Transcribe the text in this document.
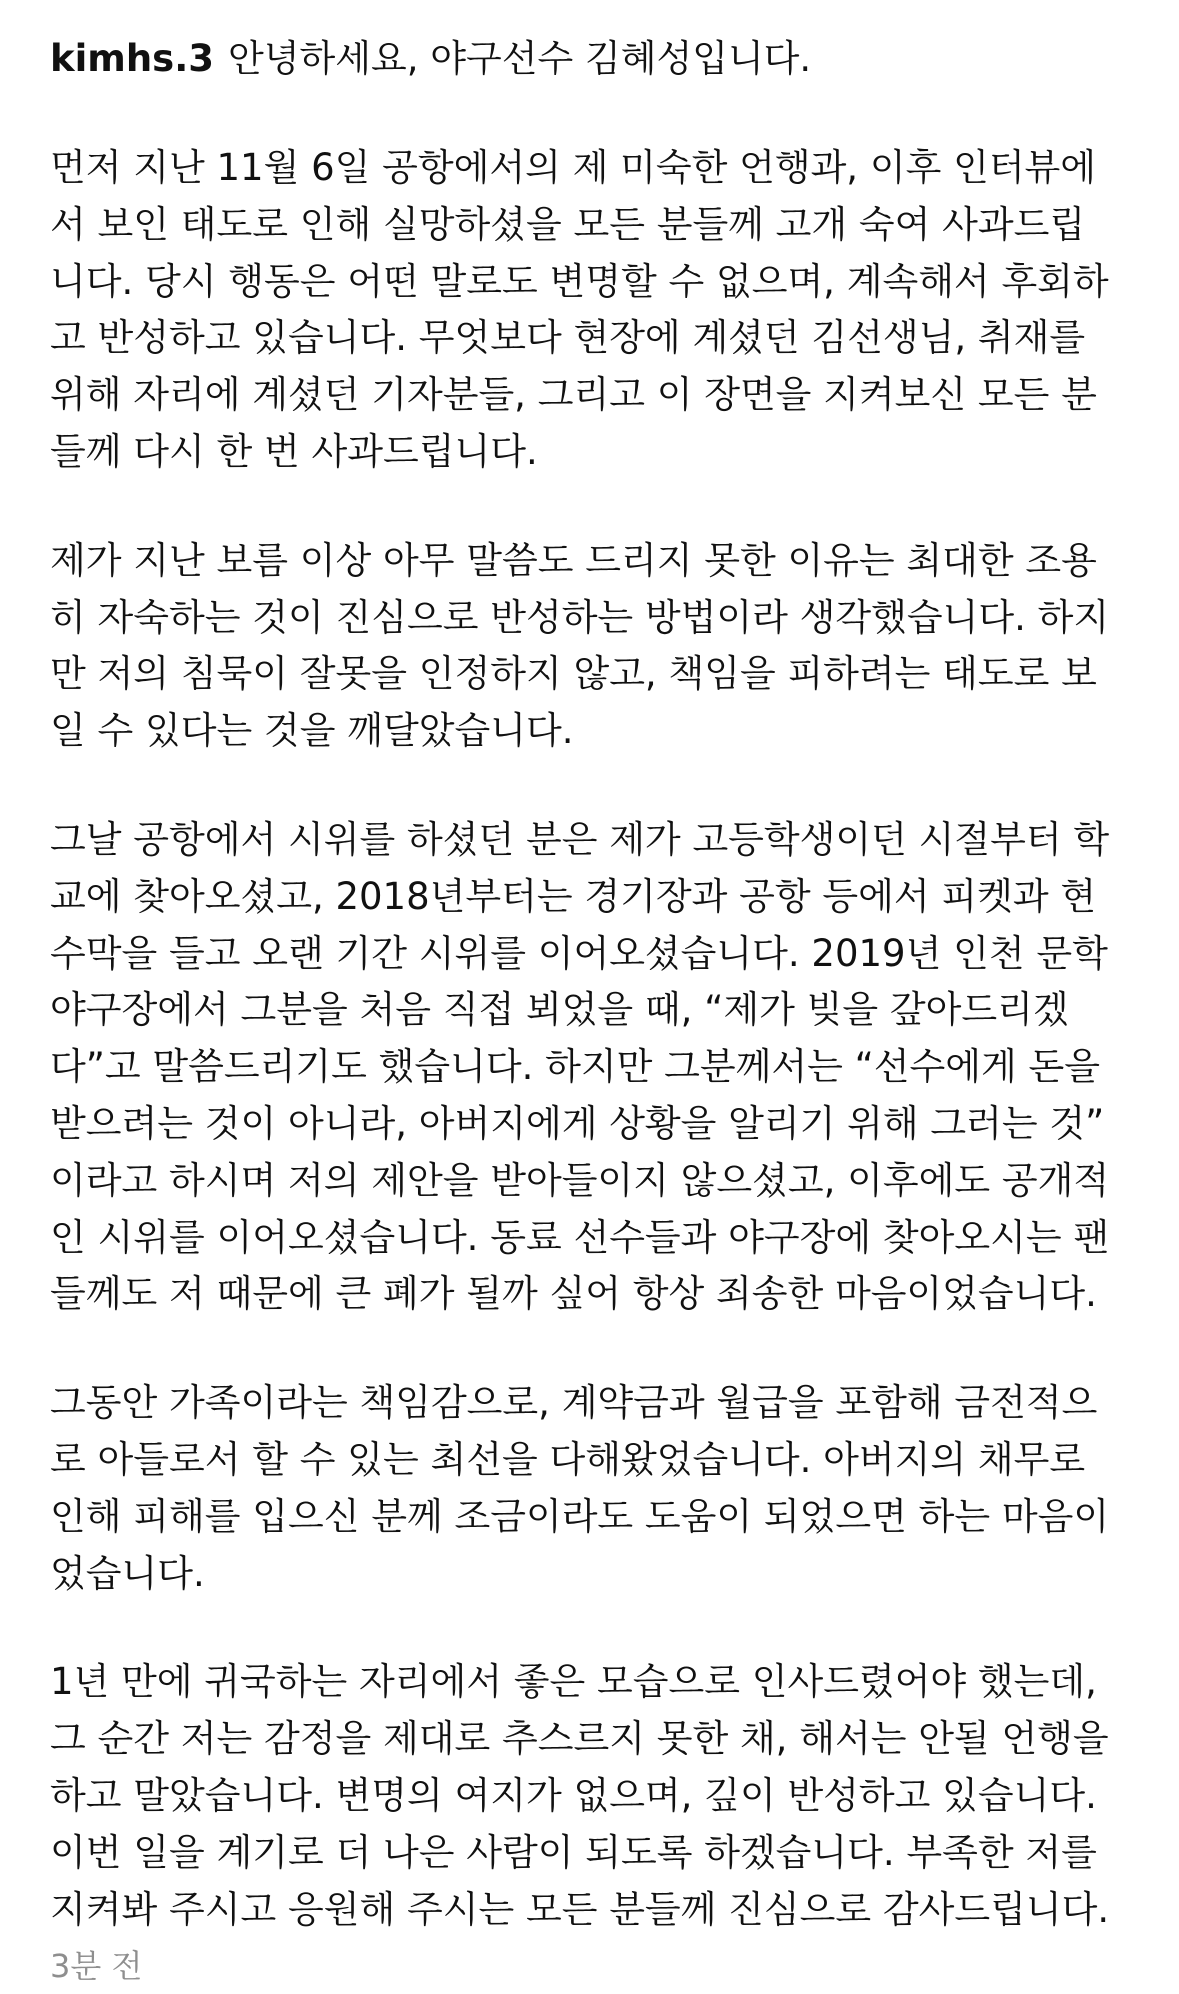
kimhs.3 안녕하세요, 야구선수 김혜성입니다.

먼저 지난 11월 6일 공항에서의 제 미숙한 언행과, 이후 인터뷰에
서 보인 태도로 인해 실망하셨을 모든 분들께 고개 숙여 사과드립
니다. 당시 행동은 어떤 말로도 변명할 수 없으며, 계속해서 후회하
고 반성하고 있습니다. 무엇보다 현장에 계셨던 김선생님, 취재를
위해 자리에 계셨던 기자분들, 그리고 이 장면을 지켜보신 모든 분
들께 다시 한 번 사과드립니다.

제가 지난 보름 이상 아무 말씀도 드리지 못한 이유는 최대한 조용
히 자숙하는 것이 진심으로 반성하는 방법이라 생각했습니다. 하지
만 저의 침묵이 잘못을 인정하지 않고, 책임을 피하려는 태도로 보
일 수 있다는 것을 깨달았습니다.

그날 공항에서 시위를 하셨던 분은 제가 고등학생이던 시절부터 학
교에 찾아오셨고, 2018년부터는 경기장과 공항 등에서 피켓과 현
수막을 들고 오랜 기간 시위를 이어오셨습니다. 2019년 인천 문학
야구장에서 그분을 처음 직접 뵈었을 때, “제가 빚을 갚아드리겠
다”고 말씀드리기도 했습니다. 하지만 그분께서는 “선수에게 돈을
받으려는 것이 아니라, 아버지에게 상황을 알리기 위해 그러는 것”
이라고 하시며 저의 제안을 받아들이지 않으셨고, 이후에도 공개적
인 시위를 이어오셨습니다. 동료 선수들과 야구장에 찾아오시는 팬
들께도 저 때문에 큰 폐가 될까 싶어 항상 죄송한 마음이었습니다.

그동안 가족이라는 책임감으로, 계약금과 월급을 포함해 금전적으
로 아들로서 할 수 있는 최선을 다해왔었습니다. 아버지의 채무로
인해 피해를 입으신 분께 조금이라도 도움이 되었으면 하는 마음이
었습니다.

1년 만에 귀국하는 자리에서 좋은 모습으로 인사드렸어야 했는데,
그 순간 저는 감정을 제대로 추스르지 못한 채, 해서는 안될 언행을
하고 말았습니다. 변명의 여지가 없으며, 깊이 반성하고 있습니다.
이번 일을 계기로 더 나은 사람이 되도록 하겠습니다. 부족한 저를
지켜봐 주시고 응원해 주시는 모든 분들께 진심으로 감사드립니다.

3분 전
